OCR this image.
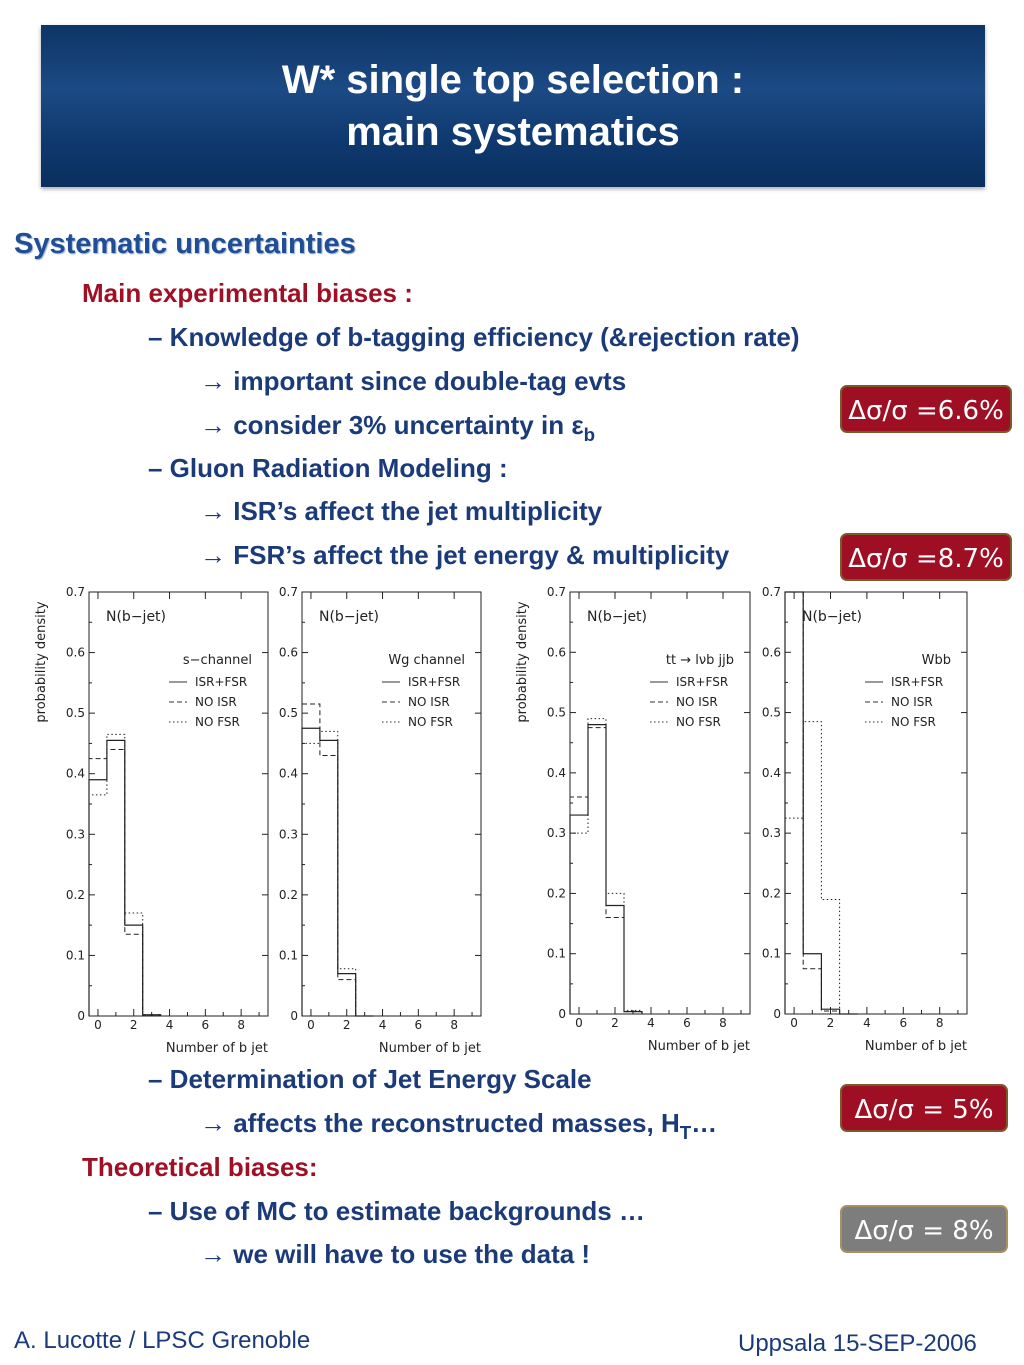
W* single top selection :
main systematics
Systematic uncertainties
Main experimental biases :
– Knowledge of b-tagging efficiency (&rejection rate)
→ important since double-tag evts
→ consider 3% uncertainty in $\varepsilon_b$
– Gluon Radiation Modeling :
→ ISR’s affect the jet multiplicity
→ FSR’s affect the jet energy & multiplicity
Δσ/σ =6.6%
Δσ/σ =8.7%
0
0.1
0.2
0.3
0.4
0.5
0.6
0.7
0 2 4 6 8
Number of b jet
probability density	N(b−jet)
s−channel
ISR+FSR
NO ISR
NO FSR
0
0.1
0.2
0.3
0.4
0.5
0.6
0.7
0 2 4 6 8
Number of b jet
N(b−jet)
Wg channel
ISR+FSR
NO ISR
NO FSR
0
0.1
0.2
0.3
0.4
0.5
0.6
0.7
0 2 4 6 8
Number of b jet
probability density	N(b−jet)
tt → lνb jjb
ISR+FSR
NO ISR
NO FSR
0
0.1
0.2
0.3
0.4
0.5
0.6
0.7
0 2 4 6 8
Number of b jet
N(b−jet)
Wbb
ISR+FSR
NO ISR
NO FSR
– Determination of Jet Energy Scale
→ affects the reconstructed masses, $H_T\dots$
Theoretical biases:
– Use of MC to estimate backgrounds …
→ we will have to use the data !
Δσ/σ = 5%
Δσ/σ = 8%
A. Lucotte / LPSC Grenoble	Uppsala 15-SEP-2006
